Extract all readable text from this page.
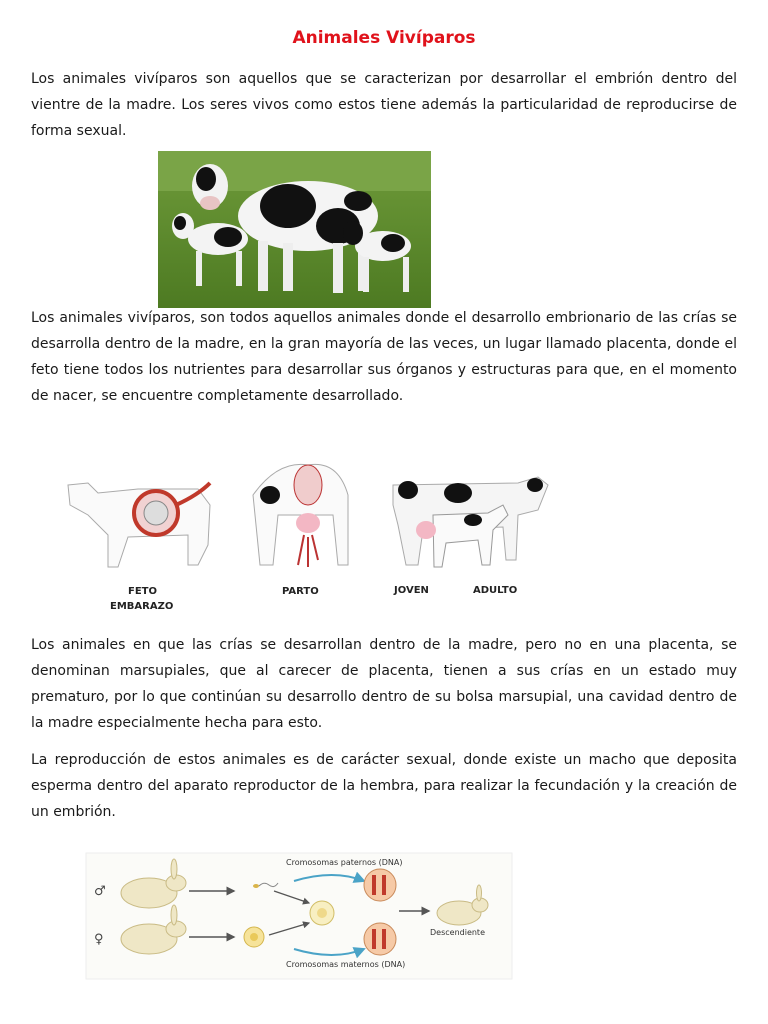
Animales Vivíparos

Los animales vivíparos son aquellos que se caracterizan por desarrollar el embrión dentro del vientre de la madre. Los seres vivos como estos tiene además la particularidad de reproducirse de forma sexual.

Los animales vivíparos, son todos aquellos animales donde el desarrollo embrionario de las crías se desarrolla dentro de la madre, en la gran mayoría de las veces, un lugar llamado placenta, donde el feto tiene todos los nutrientes para desarrollar sus órganos y estructuras para que, en el momento de nacer, se encuentre completamente desarrollado.

FETO
EMBARAZO
PARTO	JOVEN	ADULTO

Los animales en que las crías se desarrollan dentro de la madre, pero no en una placenta, se denominan marsupiales, que al carecer de placenta, tienen a sus crías en un estado muy prematuro, por lo que continúan su desarrollo dentro de su bolsa marsupial, una cavidad dentro de la madre especialmente hecha para esto.

La reproducción de estos animales es de carácter sexual, donde existe un macho que deposita esperma dentro del aparato reproductor de la hembra, para realizar la fecundación y la creación de un embrión.

♂
♀
Cromosomas paternos (DNA)
Cromosomas maternos (DNA)
Descendiente
